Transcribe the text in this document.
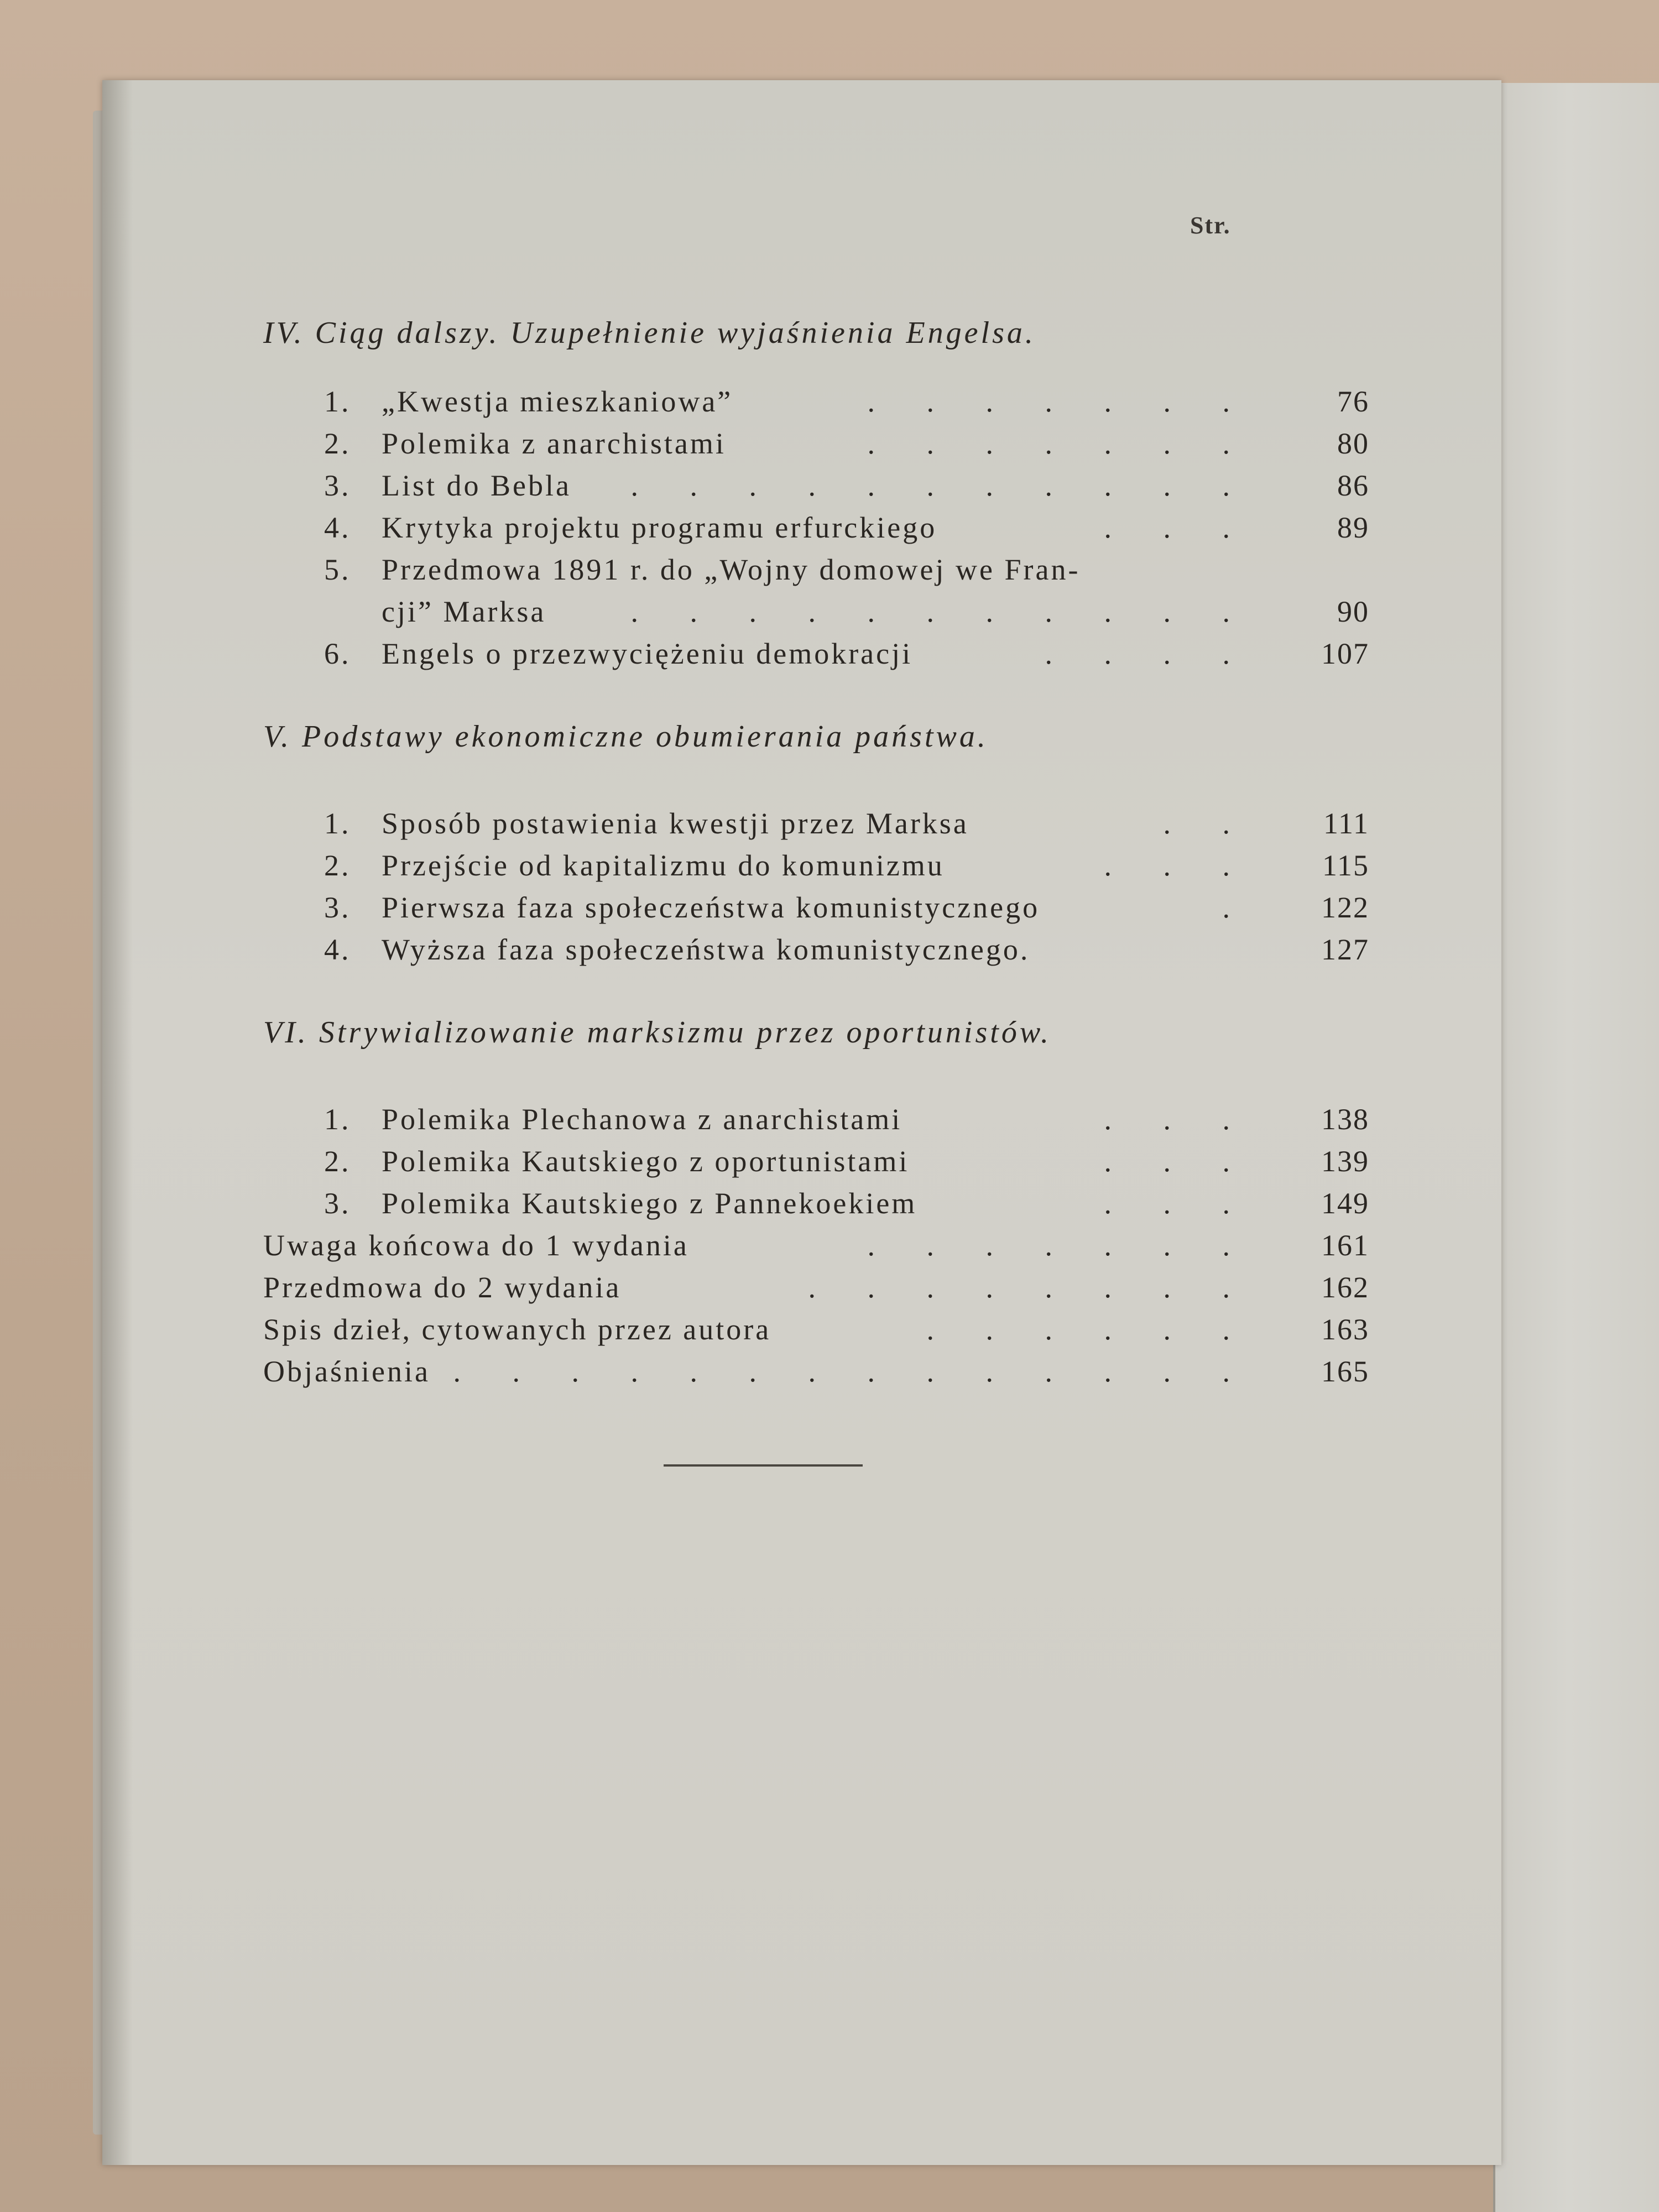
Str.
IV. Ciąg dalszy. Uzupełnienie wyjaśnienia Engelsa.
1. „Kwestja mieszkaniowa”	. . . . . . .	76
2. Polemika z anarchistami	. . . . . . .	80
3. List do Bebla . . . . . . . . . . .	86
4. Krytyka projektu programu erfurckiego	. . .	89
5. Przedmowa 1891 r. do „Wojny domowej we Fran-
cji” Marksa	. . . . . . . . . . .	90
6. Engels o przezwyciężeniu demokracji	. . . .	107
V. Podstawy ekonomiczne obumierania państwa.
1. Sposób postawienia kwestji przez Marksa	. .	111
2. Przejście od kapitalizmu do komunizmu	. . .	115
3. Pierwsza faza społeczeństwa komunistycznego	.	122
4. Wyższa faza społeczeństwa komunistycznego.	127
VI. Strywializowanie marksizmu przez oportunistów.
1. Polemika Plechanowa z anarchistami	. . .	138
2. Polemika Kautskiego z oportunistami	. . .	139
3. Polemika Kautskiego z Pannekoekiem	. . .	149
Uwaga końcowa do 1 wydania	. . . . . . .	161
Przedmowa do 2 wydania	. . . . . . . .	162
Spis dzieł, cytowanych przez autora	. . . . . .	163
Objaśnienia . . . . . . . . . . . . . .	165
